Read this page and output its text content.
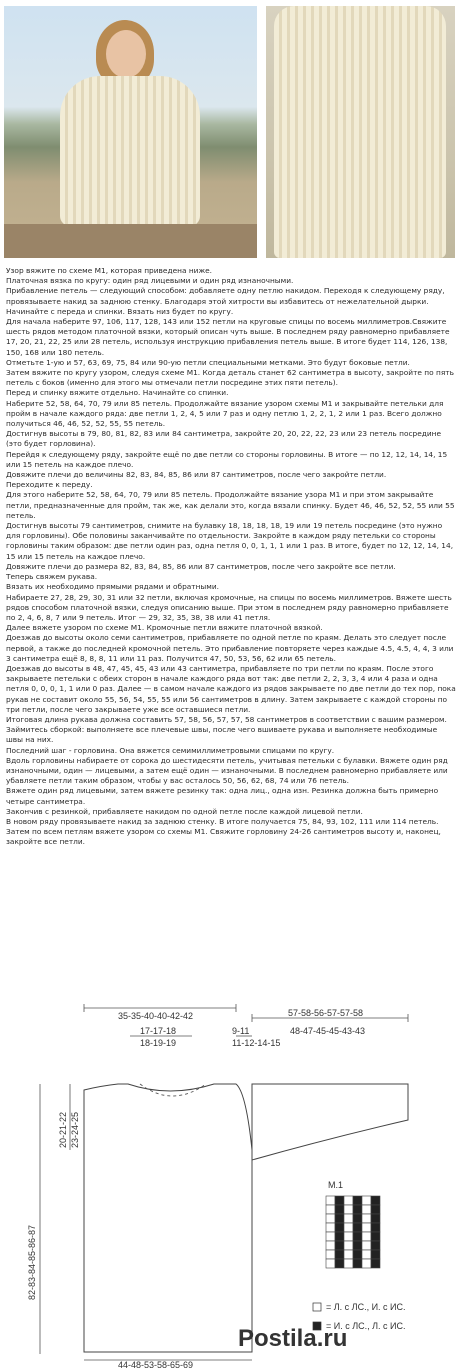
Узор вяжите по схеме М1, которая приведена ниже.

Платочная вязка по кругу: один ряд лицевыми и один ряд изнаночными.

Прибавление петель — следующий способом: добавляете одну петлю накидом. Переходя к следующему ряду, провязываете накид за заднюю стенку. Благодаря этой хитрости вы избавитесь от нежелательной дырки.

Начинайте с переда и спинки. Вязать низ будет по кругу.

Для начала наберите 97, 106, 117, 128, 143 или 152 петли на круговые спицы по восемь миллиметров.Свяжите шесть рядов методом платочной вязки, который описан чуть выше. В последнем ряду равномерно прибавляете 17, 20, 21, 22, 25 или 28 петель, используя инструкцию прибавления петель выше. В итоге будет 114, 126, 138, 150, 168 или 180 петель.

Отметьте 1-ую и 57, 63, 69, 75, 84 или 90-ую петли специальными метками. Это будут боковые петли.

Затем вяжите по кругу узором, следуя схеме М1. Когда деталь станет 62 сантиметра в высоту, закройте по пять петель с боков (именно для этого мы отмечали петли посредине этих пяти петель).

Перед и спинку вяжите отдельно. Начинайте со спинки.

Наберите 52, 58, 64, 70, 79 или 85 петель. Продолжайте вязание узором схемы М1 и закрывайте петельки для пройм в начале каждого ряда: две петли 1, 2, 4, 5 или 7 раз и одну петлю 1, 2, 2, 1, 2 или 1 раз. Всего должно получиться 46, 46, 52, 52, 55, 55 петель.

Достигнув высоты в 79, 80, 81, 82, 83 или 84 сантиметра, закройте 20, 20, 22, 22, 23 или 23 петель посредине (это будет горловина).

Перейдя к следующему ряду, закройте ещё по две петли со стороны горловины. В итоге — по 12, 12, 14, 14, 15 или 15 петель на каждое плечо.

Довяжите плечи до величины 82, 83, 84, 85, 86 или 87 сантиметров, после чего закройте петли.

Переходите к переду.

Для этого наберите 52, 58, 64, 70, 79 или 85 петель. Продолжайте вязание узора М1 и при этом закрывайте петли, предназначенные для пройм, так же, как делали это, когда вязали спинку. Будет 46, 46, 52, 52, 55 или 55 петель.

Достигнув высоты 79 сантиметров, снимите на булавку 18, 18, 18, 18, 19 или 19 петель посредине (это нужно для горловины). Обе половины заканчивайте по отдельности. Закройте в каждом ряду петельки со стороны горловины таким образом: две петли один раз, одна петля 0, 0, 1, 1, 1 или 1 раз. В итоге, будет по 12, 12, 14, 14, 15 или 15 петель на каждое плечо.

Довяжите плечи до размера 82, 83, 84, 85, 86 или 87 сантиметров, после чего закройте все петли.

Теперь свяжем рукава.

Вязать их необходимо прямыми рядами и обратными.

Набираете 27, 28, 29, 30, 31 или 32 петли, включая кромочные, на спицы по восемь миллиметров. Вяжете шесть рядов способом платочной вязки, следуя описанию выше. При этом в последнем ряду равномерно прибавляете по 2, 4, 6, 8, 7 или 9 петель. Итог — 29, 32, 35, 38, 38 или 41 петля.

Далее вяжете узором по схеме М1. Кромочные петли вяжите платочной вязкой.

Доезжав до высоты около семи сантиметров, прибавляете по одной петле по краям. Делать это следует после первой, а также до последней кромочной петель. Это прибавление повторяете через каждые 4.5, 4.5, 4, 4, 3 или 3 сантиметра ещё 8, 8, 8, 11 или 11 раз. Получится 47, 50, 53, 56, 62 или 65 петель.

Доезжав до высоты в 48, 47, 45, 45, 43 или 43 сантиметра, прибавляете по три петли по краям. После этого закрываете петельки с обеих сторон в начале каждого ряда вот так: две петли 2, 2, 3, 3, 4 или 4 раза и одна петля 0, 0, 0, 1, 1 или 0 раз. Далее — в самом начале каждого из рядов закрываете по две петли до тех пор, пока рукав не составит около 55, 56, 54, 55, 55 или 56 сантиметров в длину. Затем закрываете с каждой стороны по три петли, после чего закрываете уже все оставшиеся петли.

Итоговая длина рукава должна составить 57, 58, 56, 57, 57, 58 сантиметров в соответствии с вашим размером.

Займитесь сборкой: выполняете все плечевые швы, после чего вшиваете рукава и выполняете необходимые швы на них.

Последний шаг - горловина. Она вяжется семимиллиметровыми спицами по кругу.

Вдоль горловины набираете от сорока до шестидесяти петель, учитывая петельки с булавки. Вяжете один ряд изнаночными, один — лицевыми, а затем ещё один — изнаночными. В последнем равномерно прибавляете или убавляете петли таким образом, чтобы у вас осталось 50, 56, 62, 68, 74 или 76 петель.

Вяжете один ряд лицевыми, затем вяжете резинку так: одна лиц., одна изн. Резинка должна быть примерно четыре сантиметра.

Закончив с резинкой, прибавляете накидом по одной петле после каждой лицевой петли.

В новом ряду провязываете накид за заднюю стенку. В итоге получается 75, 84, 93, 102, 111 или 114 петель.

Затем по всем петлям вяжете узором со схемы М1. Свяжите горловину 24-26 сантиметров высоту и, наконец, закройте все петли.

35-35-40-40-42-42	57-58-56-57-57-58
17-17-18
18-19-19
9-11	48-47-45-45-43-43
11-12-14-15
82-83-84-85-86-87
20-21-22 23-24-25
M.1
= Л. с ЛС., И. с ИС.
= И. с ЛС., Л. с ИС.
44-48-53-58-65-69
Postila.ru
